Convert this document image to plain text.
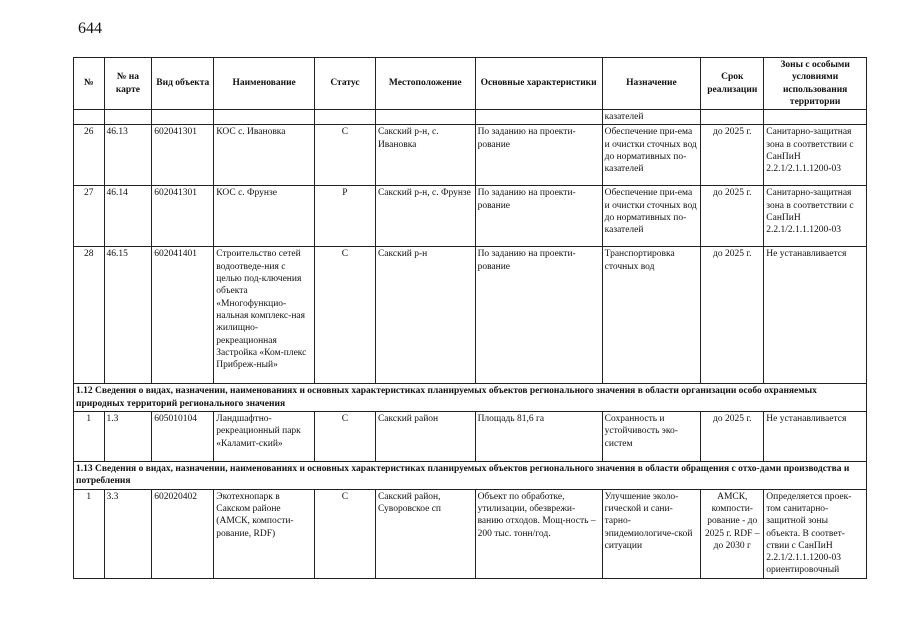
644
№	№ на карте	Вид объекта	Наименование	Статус	Местоположение	Основные характеристики	Назначение	Срок реализации	Зоны с особыми условиями использования территории
							казателей		
26	46.13	602041301	КОС с. Ивановка	С	Сакский р-н, с. Ивановка	По заданию на проекти-рование	Обеспечение при-ема и очистки сточных вод до нормативных по-казателей	до 2025 г.	Санитарно-защитная зона в соответствии с СанПиН 2.2.1/2.1.1.1200-03
27	46.14	602041301	КОС с. Фрунзе	Р	Сакский р-н, с. Фрунзе	По заданию на проекти-рование	Обеспечение при-ема и очистки сточных вод до нормативных по-казателей	до 2025 г.	Санитарно-защитная зона в соответствии с СанПиН 2.2.1/2.1.1.1200-03
28	46.15	602041401	Строительство сетей водоотведе-ния с целью под-ключения объекта «Многофункцио-нальная комплекс-ная жилищно-рекреационная Застройка «Ком-плекс Прибреж-ный»	С	Сакский р-н	По заданию на проекти-рование	Транспортировка сточных вод	до 2025 г.	Не устанавливается
1.12 Сведения о видах, назначении, наименованиях и основных характеристиках планируемых объектов регионального значения в области организации особо охраняемых природных территорий регионального значения									
1	1.3	605010104	Ландшафтно-рекреационный парк «Каламит-ский»	С	Сакский район	Площадь 81,6 га	Сохранность и устойчивость эко-систем	до 2025 г.	Не устанавливается
1.13 Сведения о видах, назначении, наименованиях и основных характеристиках планируемых объектов регионального значения в области обращения с отхо-дами производства и потребления									
1	3.3	602020402	Экотехнопарк в Сакском районе (АМСК, компости-рование, RDF)	С	Сакский район, Суворовское сп	Объект по обработке, утилизации, обезврежи-ванию отходов. Мощ-ность – 200 тыс. тонн/год.	Улучшение эколо-гической и сани-тарно-эпидемиологиче-ской ситуации	АМСК, компости-рование - до 2025 г. RDF – до 2030 г	Определяется проек-том санитарно-защитной зоны объекта. В соответ-ствии с СанПиН 2.2.1/2.1.1.1200-03 ориентировочный
